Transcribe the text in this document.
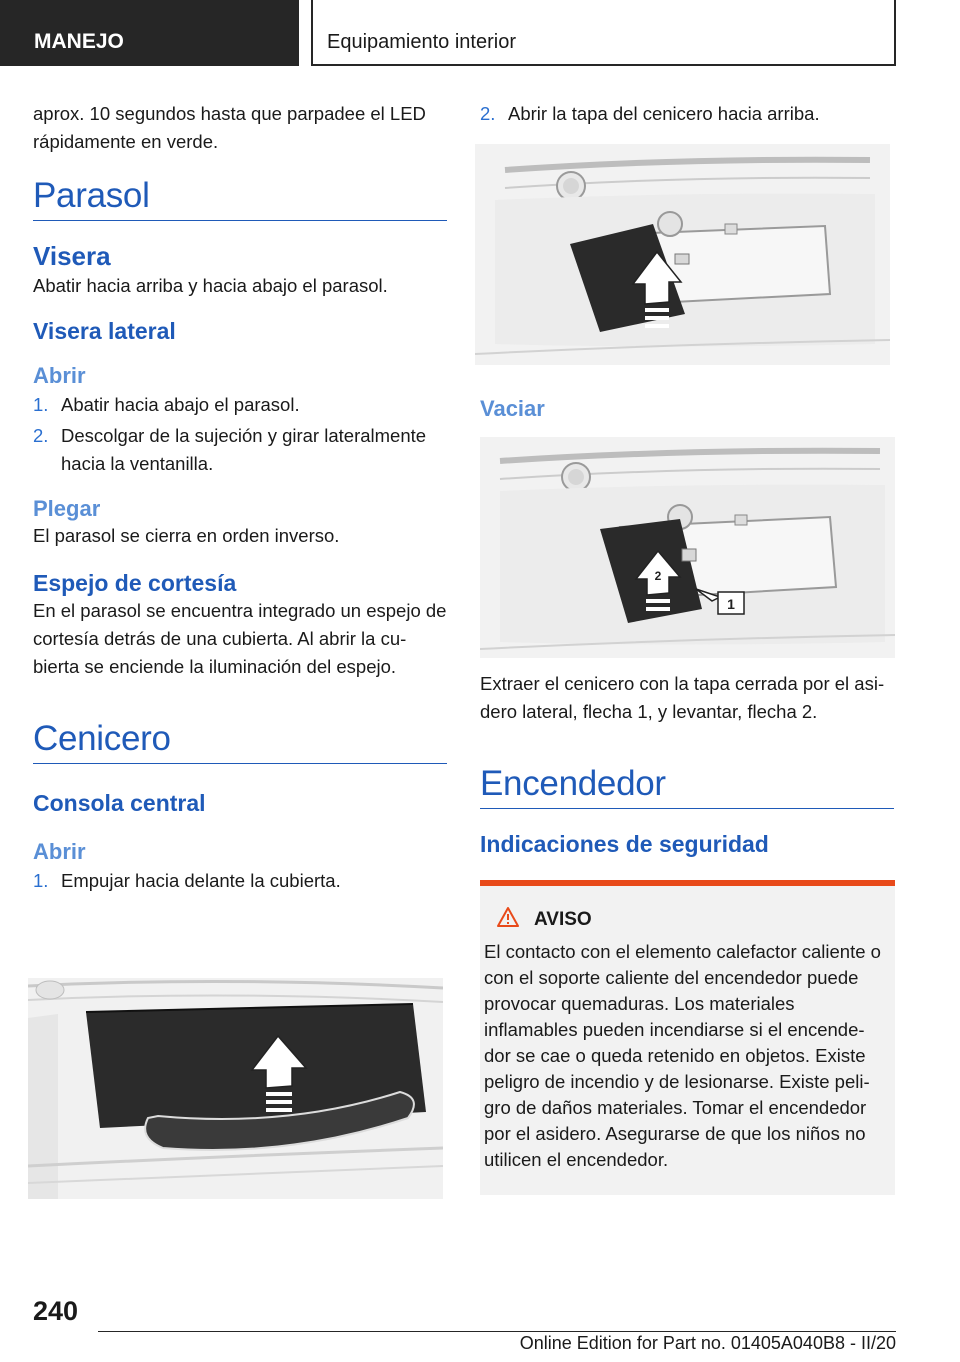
MANEJO	Equipamiento interior

aprox. 10 segundos hasta que parpadee el LED rápidamente en verde.

Parasol
Visera

Abatir hacia arriba y hacia abajo el parasol.

Visera lateral
Abrir
1. Abatir hacia abajo el parasol.
2. Descolgar de la sujeción y girar lateralmente hacia la ventanilla.
Plegar

El parasol se cierra en orden inverso.

Espejo de cortesía

En el parasol se encuentra integrado un espejo de cortesía detrás de una cubierta. Al abrir la cu-bierta se enciende la iluminación del espejo.

Cenicero
Consola central
Abrir
1. Empujar hacia delante la cubierta.
2. Abrir la tapa del cenicero hacia arriba.
Vaciar
2
1

Extraer el cenicero con la tapa cerrada por el asi-dero lateral, flecha 1, y levantar, flecha 2.

Encendedor
Indicaciones de seguridad
AVISO

El contacto con el elemento calefactor caliente o con el soporte caliente del encendedor puede provocar quemaduras. Los materiales inflamables pueden incendiarse si el encende-dor se cae o queda retenido en objetos. Existe peligro de incendio y de lesionarse. Existe peli-gro de daños materiales. Tomar el encendedor por el asidero. Asegurarse de que los niños no utilicen el encendedor.

240
Online Edition for Part no. 01405A040B8 - II/20
